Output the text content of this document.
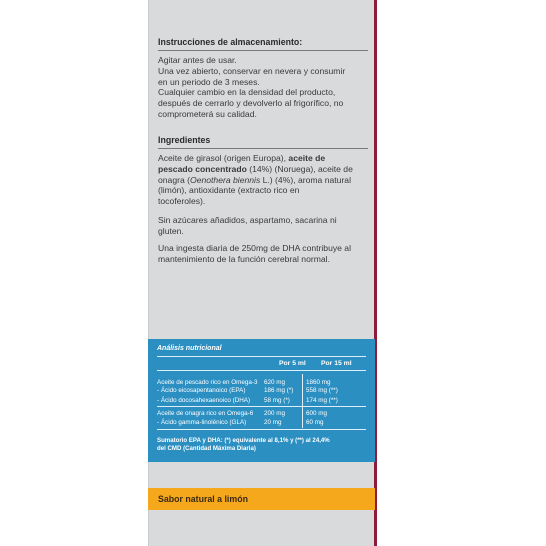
Instrucciones de almacenamiento:

Agitar antes de usar.

Una vez abierto, conservar en nevera y consumir

en un periodo de 3 meses.

Cualquier cambio en la densidad del producto,

después de cerrarlo y devolverlo al frigorífico, no

comprometerá su calidad.

Ingredientes

Aceite de girasol (origen Europa), aceite de

pescado concentrado (14%) (Noruega), aceite de

onagra (Oenothera biennis L.) (4%), aroma natural

(limón), antioxidante (extracto rico en

tocoferoles).

Sin azúcares añadidos, aspartamo, sacarina ni

gluten.

Una ingesta diaria de 250mg de DHA contribuye al

mantenimiento de la función cerebral normal.

Análisis nutricional
Por 5 ml Por 15 ml
Aceite de pescado rico en Omega-3 620 mg	1860 mg
- Ácido eicosapentanoico (EPA)	186 mg (*) 558 mg (**)
- Ácido docosahexaenoico (DHA) 58 mg (*)	174 mg (**)
Aceite de onagra rico en Omega-6 200 mg	600 mg
- Ácido gamma-linolénico (GLA)	20 mg	60 mg
Sumatorio EPA y DHA: (*) equivalente al 8,1% y (**) al 24,4%
del CMD (Cantidad Máxima Diaria)
Sabor natural a limón
